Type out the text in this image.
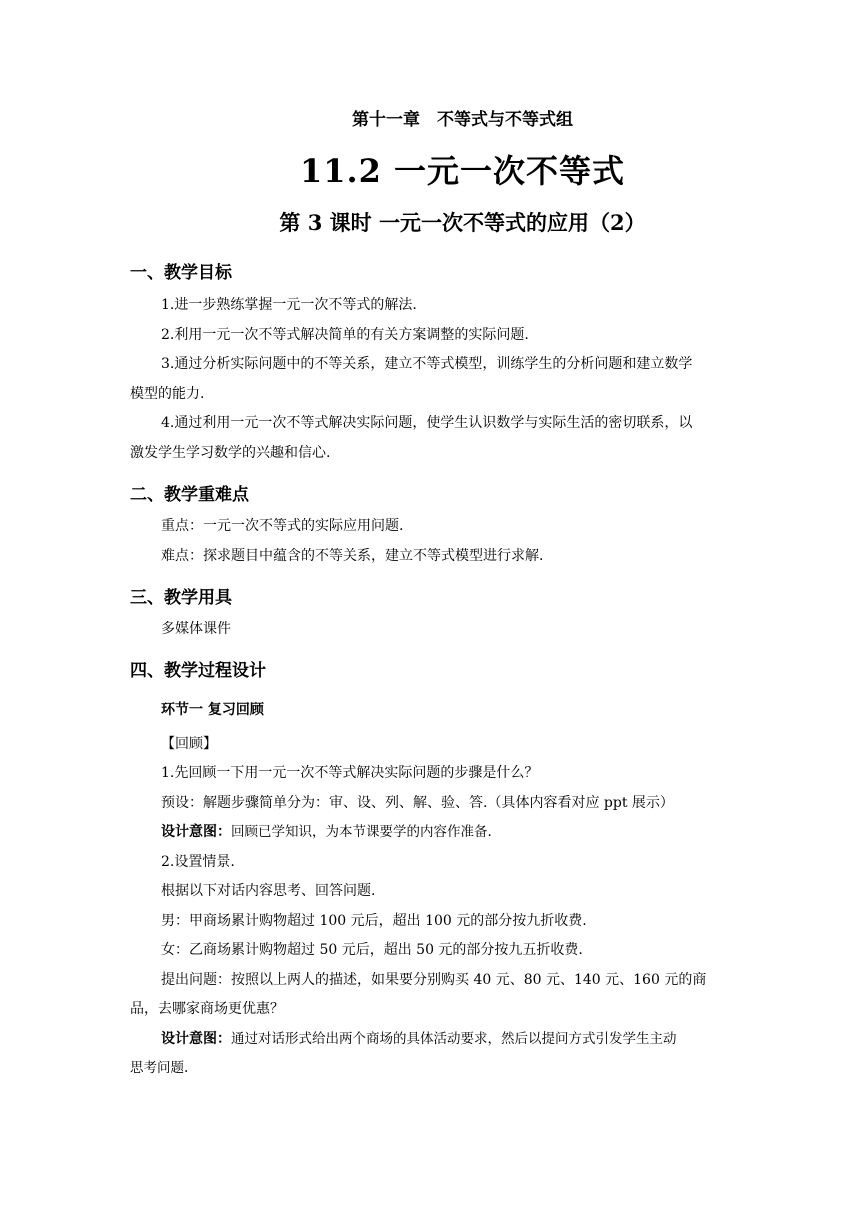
第十一章　不等式与不等式组
11.2 一元一次不等式
第 3 课时 一元一次不等式的应用（2）
一、教学目标
1.进一步熟练掌握一元一次不等式的解法.
2.利用一元一次不等式解决简单的有关方案调整的实际问题.
3.通过分析实际问题中的不等关系，建立不等式模型，训练学生的分析问题和建立数学
模型的能力.
4.通过利用一元一次不等式解决实际问题，使学生认识数学与实际生活的密切联系，以
激发学生学习数学的兴趣和信心.
二、教学重难点
重点：一元一次不等式的实际应用问题.
难点：探求题目中蕴含的不等关系，建立不等式模型进行求解.
三、教学用具
多媒体课件
四、教学过程设计
环节一 复习回顾
【回顾】
1.先回顾一下用一元一次不等式解决实际问题的步骤是什么？
预设：解题步骤简单分为：审、设、列、解、验、答.（具体内容看对应 ppt 展示）
设计意图：回顾已学知识，为本节课要学的内容作准备.
2.设置情景.
根据以下对话内容思考、回答问题.
男：甲商场累计购物超过 100 元后，超出 100 元的部分按九折收费.
女：乙商场累计购物超过 50 元后，超出 50 元的部分按九五折收费.
提出问题：按照以上两人的描述，如果要分别购买 40 元、80 元、140 元、160 元的商
品，去哪家商场更优惠？
设计意图：通过对话形式给出两个商场的具体活动要求，然后以提问方式引发学生主动
思考问题.
